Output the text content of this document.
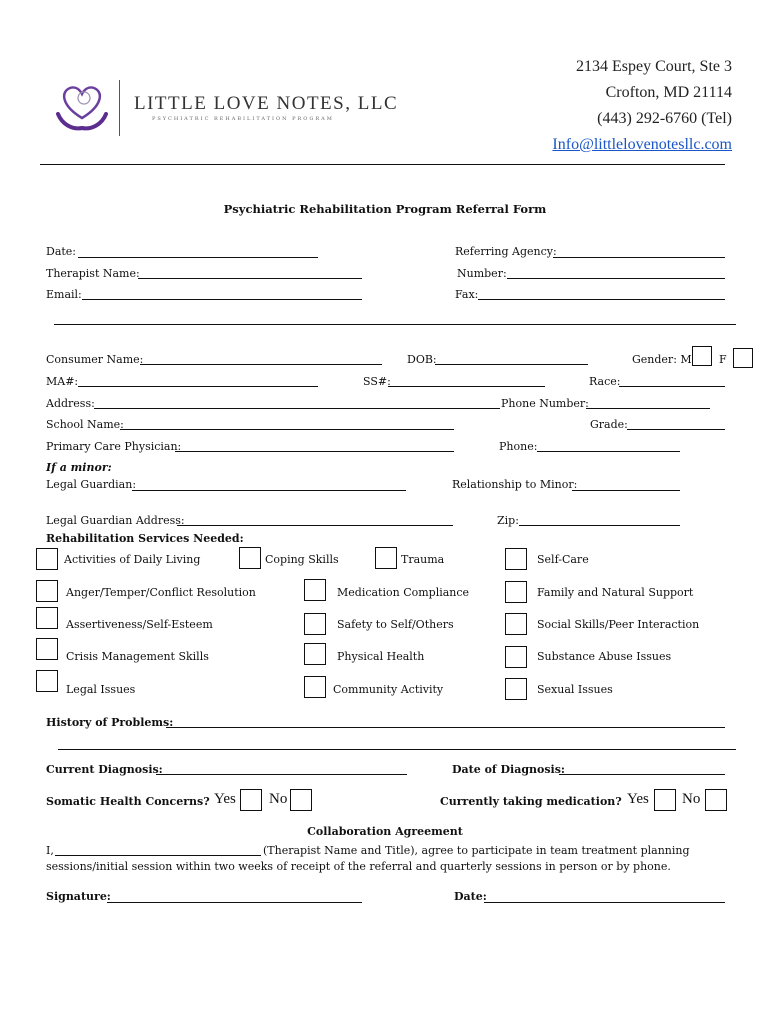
LITTLE LOVE NOTES, LLC
PSYCHIATRIC REHABILITATION PROGRAM
2134 Espey Court, Ste 3
Crofton, MD 21114
(443) 292-6760 (Tel)
Info@littlelovenotesllc.com
Psychiatric Rehabilitation Program Referral Form
Date:	Referring Agency:
Therapist Name:	Number:
Email:	Fax:
Consumer Name:	DOB:	Gender: M F
MA#:	SS#:	Race:
Address:	Phone Number:
School Name:	Grade:
Primary Care Physician:	Phone:
If a minor:
Legal Guardian:	Relationship to Minor:
Legal Guardian Address:	Zip:
Rehabilitation Services Needed:
Activities of Daily Living	Coping Skills	Trauma	Self-Care
Anger/Temper/Conflict Resolution	Medication Compliance	Family and Natural Support
Assertiveness/Self-Esteem	Safety to Self/Others	Social Skills/Peer Interaction
Crisis Management Skills	Physical Health	Substance Abuse Issues
Legal Issues	Community Activity	Sexual Issues
History of Problems:
Current Diagnosis:	Date of Diagnosis:
Somatic Health Concerns? Yes No	Currently taking medication? Yes No
Collaboration Agreement
I,	(Therapist Name and Title), agree to participate in team treatment planning
sessions/initial session within two weeks of receipt of the referral and quarterly sessions in person or by phone.
Signature:	Date:
